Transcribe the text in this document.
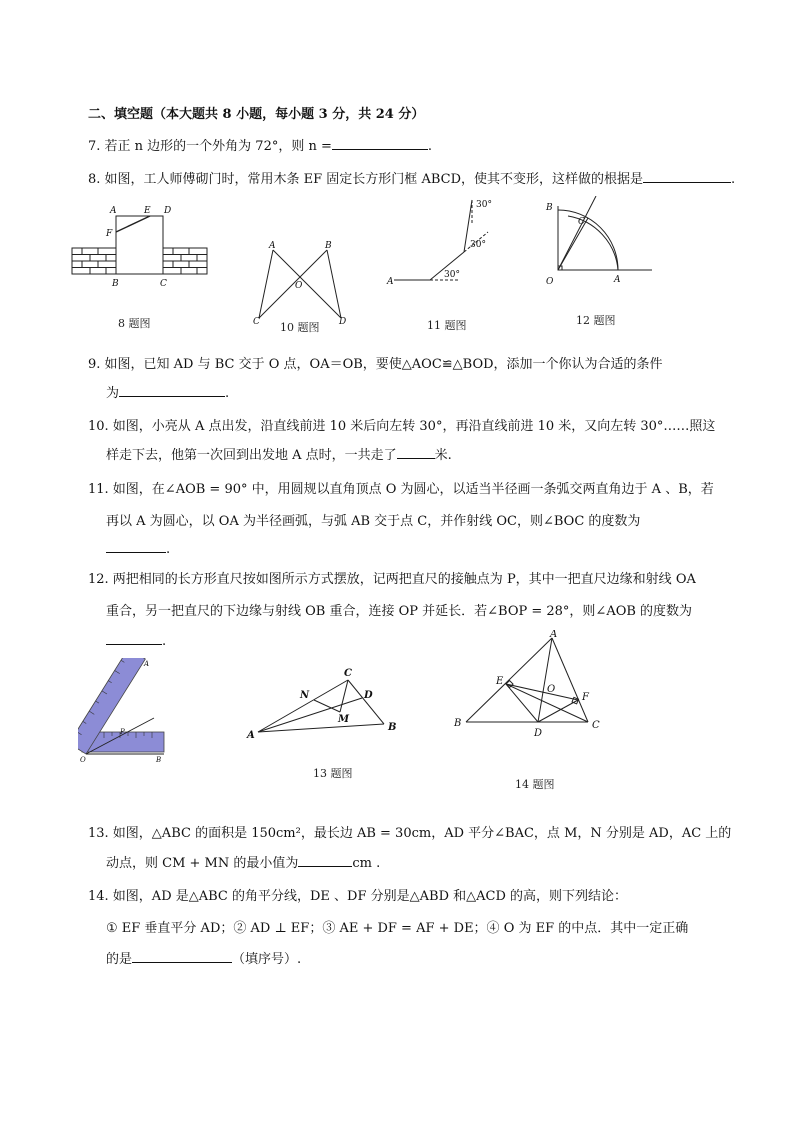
二、填空题（本大题共 8 小题，每小题 3 分，共 24 分）
7. 若正 n 边形的一个外角为 72°，则 n =	.
8. 如图，工人师傅砌门时，常用木条 EF 固定长方形门框 ABCD，使其不变形，这样做的根据是	.
A	E D
F
B	C
8 题图
A	B
O
C	D
10 题图
A
30°
30°
30°
11 题图
B
C
O	A
12 题图
9. 如图，已知 AD 与 BC 交于 O 点，OA＝OB，要使△AOC≌△BOD，添加一个你认为合适的条件
为	.
10. 如图，小亮从 A 点出发，沿直线前进 10 米后向左转 30°，再沿直线前进 10 米，又向左转 30°……照这
样走下去，他第一次回到出发地 A 点时，一共走了	米.
11. 如图，在∠AOB = 90° 中，用圆规以直角顶点 O 为圆心，以适当半径画一条弧交两直角边于 A 、B，若
再以 A 为圆心，以 OA 为半径画弧，与弧 AB 交于点 C，并作射线 OC，则∠BOC 的度数为
.
12. 两把相同的长方形直尺按如图所示方式摆放，记两把直尺的接触点为 P，其中一把直尺边缘和射线 OA
重合，另一把直尺的下边缘与射线 OB 重合，连接 OP 并延长．若∠BOP = 28°，则∠AOB 的度数为
.
A
P
O	B
C
D
N
M
A
B
13 题图
A
E
O
F
B
D
C
14 题图
13. 如图，△ABC 的面积是 150cm²，最长边 AB = 30cm，AD 平分∠BAC，点 M，N 分别是 AD，AC 上的
动点，则 CM + MN 的最小值为	cm .
14. 如图，AD 是△ABC 的角平分线，DE 、DF 分别是△ABD 和△ACD 的高，则下列结论：
① EF 垂直平分 AD；② AD ⊥ EF；③ AE + DF = AF + DE；④ O 为 EF 的中点．其中一定正确
的是	（填序号）.
